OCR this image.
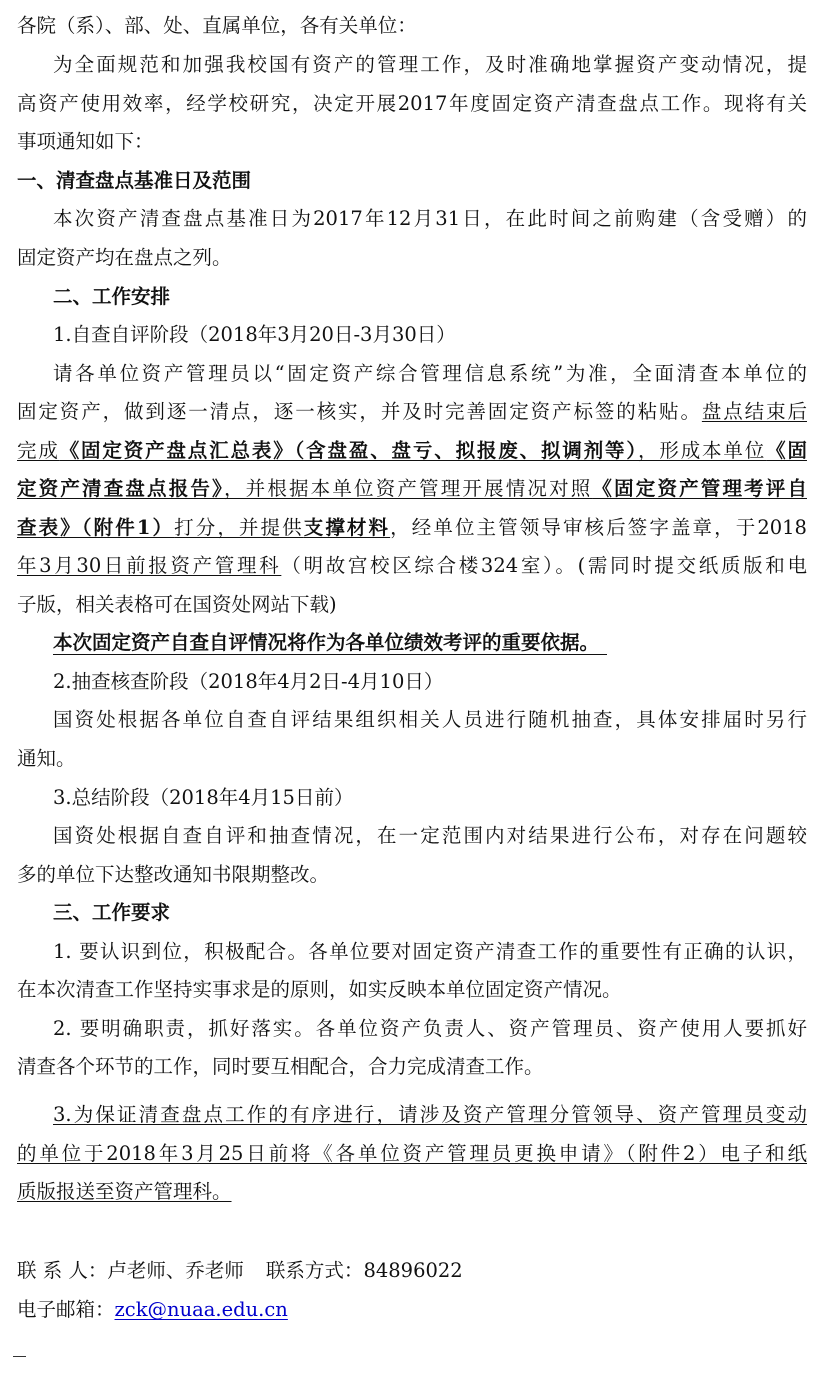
各院（系）、部、处、直属单位，各有关单位：
为全面规范和加强我校国有资产的管理工作，及时准确地掌握资产变动情况，提
高资产使用效率，经学校研究，决定开展2017年度固定资产清查盘点工作。现将有关
事项通知如下：
一、清查盘点基准日及范围
本次资产清查盘点基准日为2017年12月31日，在此时间之前购建（含受赠）的
固定资产均在盘点之列。
二、工作安排
1.自查自评阶段（2018年3月20日-3月30日）
请各单位资产管理员以“固定资产综合管理信息系统”为准，全面清查本单位的
固定资产，做到逐一清点，逐一核实，并及时完善固定资产标签的粘贴。盘点结束后
完成《固定资产盘点汇总表》（含盘盈、盘亏、拟报废、拟调剂等），形成本单位《固
定资产清查盘点报告》，并根据本单位资产管理开展情况对照《固定资产管理考评自
查表》（附件1）打分，并提供支撑材料，经单位主管领导审核后签字盖章，于2018
年3月30日前报资产管理科（明故宫校区综合楼324室）。(需同时提交纸质版和电
子版，相关表格可在国资处网站下载)
本次固定资产自查自评情况将作为各单位绩效考评的重要依据。
2.抽查核查阶段（2018年4月2日-4月10日）
国资处根据各单位自查自评结果组织相关人员进行随机抽查，具体安排届时另行
通知。
3.总结阶段（2018年4月15日前）
国资处根据自查自评和抽查情况，在一定范围内对结果进行公布，对存在问题较
多的单位下达整改通知书限期整改。
三、工作要求
1. 要认识到位，积极配合。各单位要对固定资产清查工作的重要性有正确的认识，
在本次清查工作坚持实事求是的原则，如实反映本单位固定资产情况。
2. 要明确职责，抓好落实。各单位资产负责人、资产管理员、资产使用人要抓好
清查各个环节的工作，同时要互相配合，合力完成清查工作。
3.为保证清查盘点工作的有序进行，请涉及资产管理分管领导、资产管理员变动
的单位于2018年3月25日前将《各单位资产管理员更换申请》（附件2）电子和纸
质版报送至资产管理科。
联 系 人：卢老师、乔老师 联系方式：84896022
电子邮箱：zck@nuaa.edu.cn
